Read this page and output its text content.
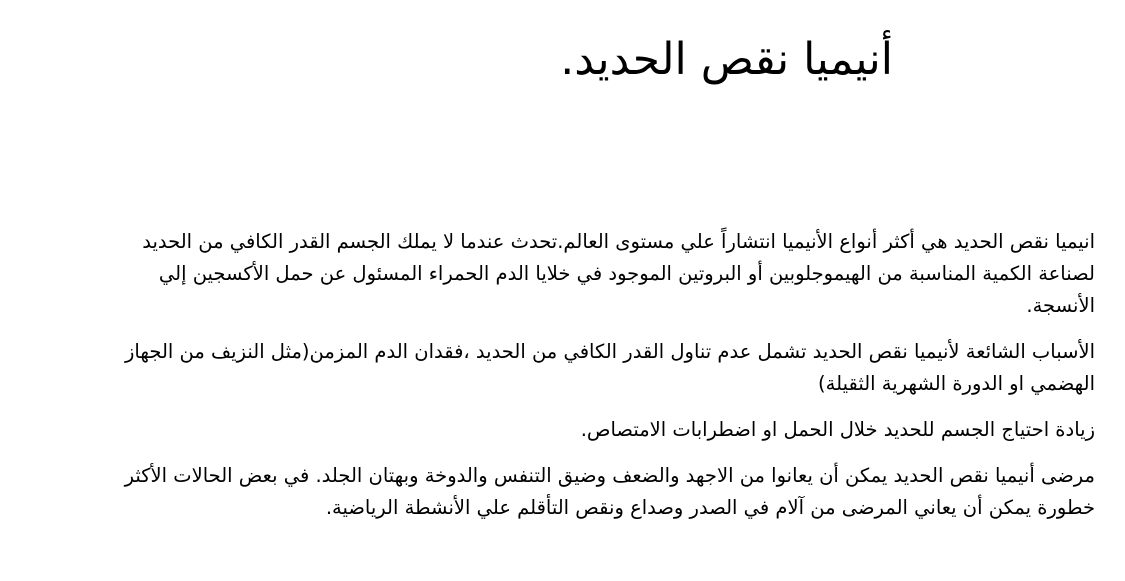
أنيميا نقص الحديد.

انيميا نقص الحديد هي أكثر أنواع الأنيميا انتشاراً علي مستوى العالم.تحدث عندما لا يملك الجسم القدر الكافي من الحديد لصناعة الكمية المناسبة من الهيموجلوبين أو البروتين الموجود في خلايا الدم الحمراء المسئول عن حمل الأكسجين إلي الأنسجة.

الأسباب الشائعة لأنيميا نقص الحديد تشمل عدم تناول القدر الكافي من الحديد ،فقدان الدم المزمن(مثل النزيف من الجهاز الهضمي او الدورة الشهرية الثقيلة)

زيادة احتياج الجسم للحديد خلال الحمل او اضطرابات الامتصاص.

مرضى أنيميا نقص الحديد يمكن أن يعانوا من الاجهد والضعف وضيق التنفس والدوخة وبهتان الجلد. في بعض الحالات الأكثر خطورة يمكن أن يعاني المرضى من آلام في الصدر وصداع ونقص التأقلم علي الأنشطة الرياضية.
